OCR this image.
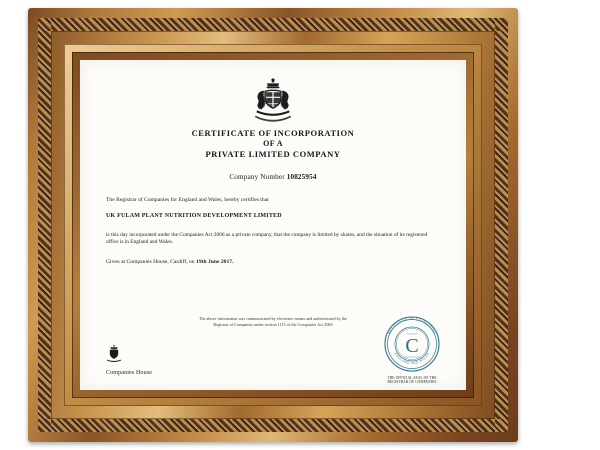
CERTIFICATE OF INCORPORATION
OF A
PRIVATE LIMITED COMPANY
Company Number 10825954
The Registrar of Companies for England and Wales, hereby certifies that
UK FULAM PLANT NUTRITION DEVELOPMENT LIMITED
is this day incorporated under the Companies Act 2006 as a private company, that the company is limited by shares, and the situation of its registered office is in England and Wales.
Given at Companies House, Cardiff, on 19th June 2017.
The above information was communicated by electronic means and authenticated by the
Registrar of Companies under section 1115 of the Companies Act 2006
Companies House
REGISTRAR OF COMPANIES
ENGLAND AND WALES
C
THE OFFICIAL SEAL OF THE
REGISTRAR OF COMPANIES
